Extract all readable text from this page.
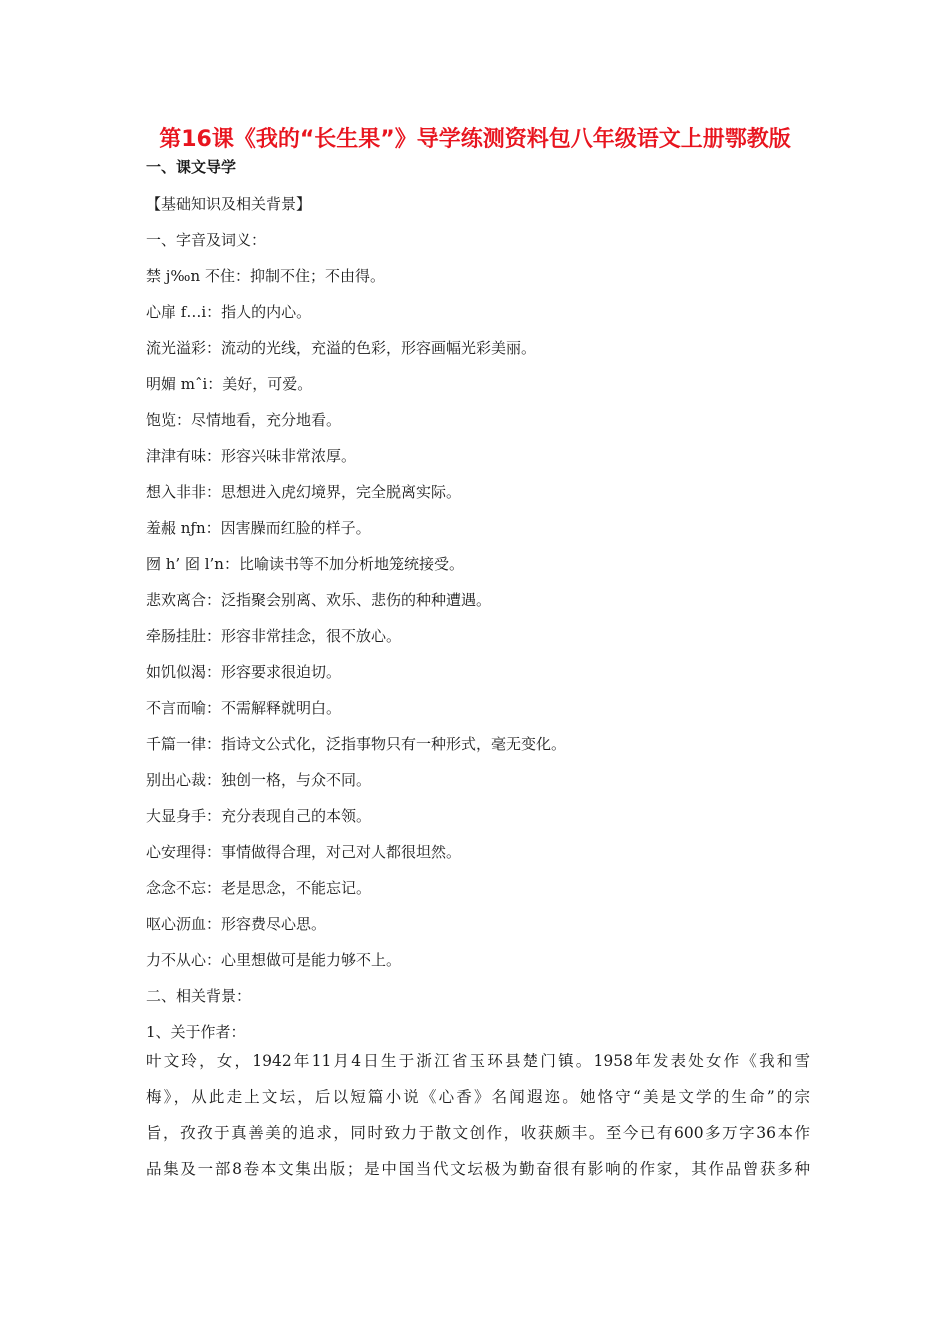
第16课《我的“长生果”》导学练测资料包八年级语文上册鄂教版
一、课文导学
【基础知识及相关背景】
一、字音及词义：
禁 j‰n 不住：抑制不住；不由得。
心扉 f…i：指人的内心。
流光溢彩：流动的光线，充溢的色彩，形容画幅光彩美丽。
明媚 mˆi：美好，可爱。
饱览：尽情地看，充分地看。
津津有味：形容兴味非常浓厚。
想入非非：思想进入虎幻境界，完全脱离实际。
羞赧 nƒn：因害臊而红脸的样子。
囫 h’ 囵 l’n：比喻读书等不加分析地笼统接受。
悲欢离合：泛指聚会别离、欢乐、悲伤的种种遭遇。
牵肠挂肚：形容非常挂念，很不放心。
如饥似渴：形容要求很迫切。
不言而喻：不需解释就明白。
千篇一律：指诗文公式化，泛指事物只有一种形式，毫无变化。
别出心裁：独创一格，与众不同。
大显身手：充分表现自己的本领。
心安理得：事情做得合理，对己对人都很坦然。
念念不忘：老是思念，不能忘记。
呕心沥血：形容费尽心思。
力不从心：心里想做可是能力够不上。
二、相关背景：
1、关于作者：
叶文玲，女，1942年11月4日生于浙江省玉环县楚门镇。1958年发表处女作《我和雪
梅》，从此走上文坛，后以短篇小说《心香》名闻遐迩。她恪守“美是文学的生命”的宗
旨，孜孜于真善美的追求，同时致力于散文创作，收获颇丰。至今已有600多万字36本作
品集及一部8卷本文集出版；是中国当代文坛极为勤奋很有影响的作家，其作品曾获多种
